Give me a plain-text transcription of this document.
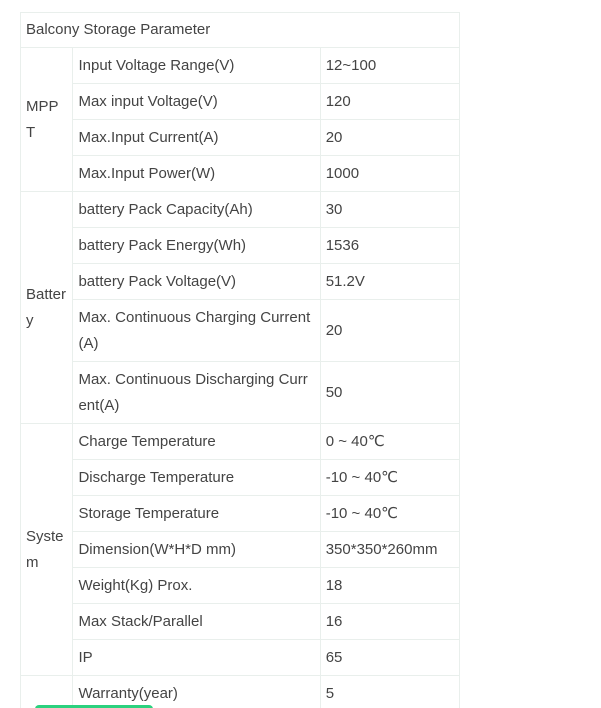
Balcony Storage Parameter		
MPPT	Input Voltage Range(V)	12~100
	Max input Voltage(V)	120
	Max.Input Current(A)	20
	Max.Input Power(W)	1000
Battery	battery Pack Capacity(Ah)	30
	battery Pack Energy(Wh)	1536
	battery Pack Voltage(V)	51.2V
	Max. Continuous Charging Current(A)	20
	Max. Continuous Discharging Current(A)	50
System	Charge Temperature	0 ~ 40℃
	Discharge Temperature	-10 ~ 40℃
	Storage Temperature	-10 ~ 40℃
	Dimension(W*H*D mm)	350*350*260mm
	Weight(Kg) Prox.	18
	Max Stack/Parallel	16
	IP	65
	Warranty(year)	5
